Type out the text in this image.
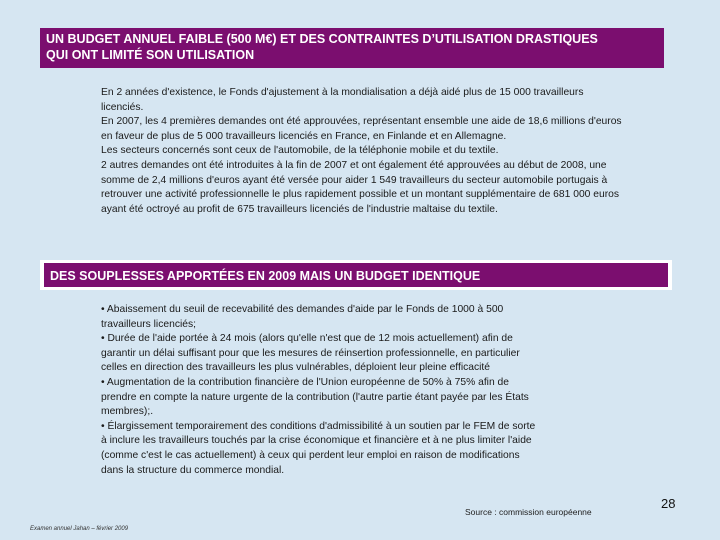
UN BUDGET ANNUEL FAIBLE (500 M€) ET DES CONTRAINTES D’UTILISATION DRASTIQUES
QUI ONT LIMITÉ SON UTILISATION
En 2 années d'existence, le Fonds d'ajustement à la mondialisation a déjà aidé plus de 15 000 travailleurs
licenciés.
En 2007, les 4 premières demandes ont été approuvées, représentant ensemble une aide de 18,6 millions d'euros
en faveur de plus de 5 000 travailleurs licenciés en France, en Finlande et en Allemagne.
Les secteurs concernés sont ceux de l'automobile, de la téléphonie mobile et du textile.
2 autres demandes ont été introduites à la fin de 2007 et ont également été approuvées au début de 2008, une
somme de 2,4 millions d'euros ayant été versée pour aider 1 549 travailleurs du secteur automobile portugais à
retrouver une activité professionnelle le plus rapidement possible et un montant supplémentaire de 681 000 euros
ayant été octroyé au profit de 675 travailleurs licenciés de l'industrie maltaise du textile.
DES SOUPLESSES APPORTÉES EN 2009 MAIS UN BUDGET IDENTIQUE
• Abaissement du seuil de recevabilité des demandes d'aide par le Fonds de 1000 à 500
travailleurs licenciés;
• Durée de l'aide portée à 24 mois (alors qu'elle n'est que de 12 mois actuellement) afin de
garantir un délai suffisant pour que les mesures de réinsertion professionnelle, en particulier
celles en direction des travailleurs les plus vulnérables, déploient leur pleine efficacité
• Augmentation de la contribution financière de l'Union européenne de 50% à 75% afin de
prendre en compte la nature urgente de la contribution (l'autre partie étant payée par les États
membres);.
• Élargissement temporairement des conditions d'admissibilité à un soutien par le FEM de sorte
à inclure les travailleurs touchés par la crise économique et financière et à ne plus limiter l'aide
(comme c'est le cas actuellement) à ceux qui perdent leur emploi en raison de modifications
dans la structure du commerce mondial.
Source : commission européenne
28
Examen annuel Jahan – février 2009
